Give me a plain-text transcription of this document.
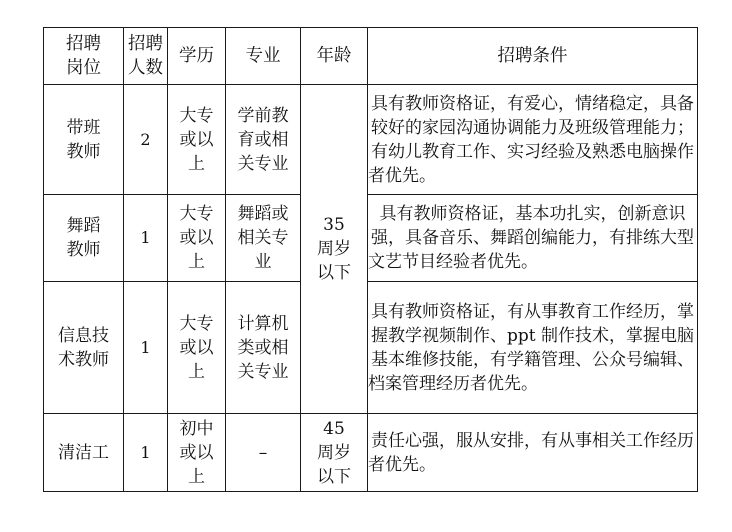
招聘岗位	招聘人数	学历	专业	年龄	招聘条件

带班教师	2	大专或以上	学前教育或相关专业	35 周岁以下	具有教师资格证，有爱心，情绪稳定，具备较好的家园沟通协调能力及班级管理能力；有幼儿教育工作、实习经验及熟悉电脑操作者优先。

舞蹈教师	1	大专或以上	舞蹈或相关专业		具有教师资格证，基本功扎实，创新意识强，具备音乐、舞蹈创编能力，有排练大型文艺节目经验者优先。

信息技术教师	1	大专或以上	计算机类或相关专业		具有教师资格证，有从事教育工作经历，掌握教学视频制作、ppt 制作技术，掌握电脑基本维修技能，有学籍管理、公众号编辑、档案管理经历者优先。

清洁工	1	初中或以上	–	45 周岁以下	责任心强，服从安排，有从事相关工作经历者优先。
